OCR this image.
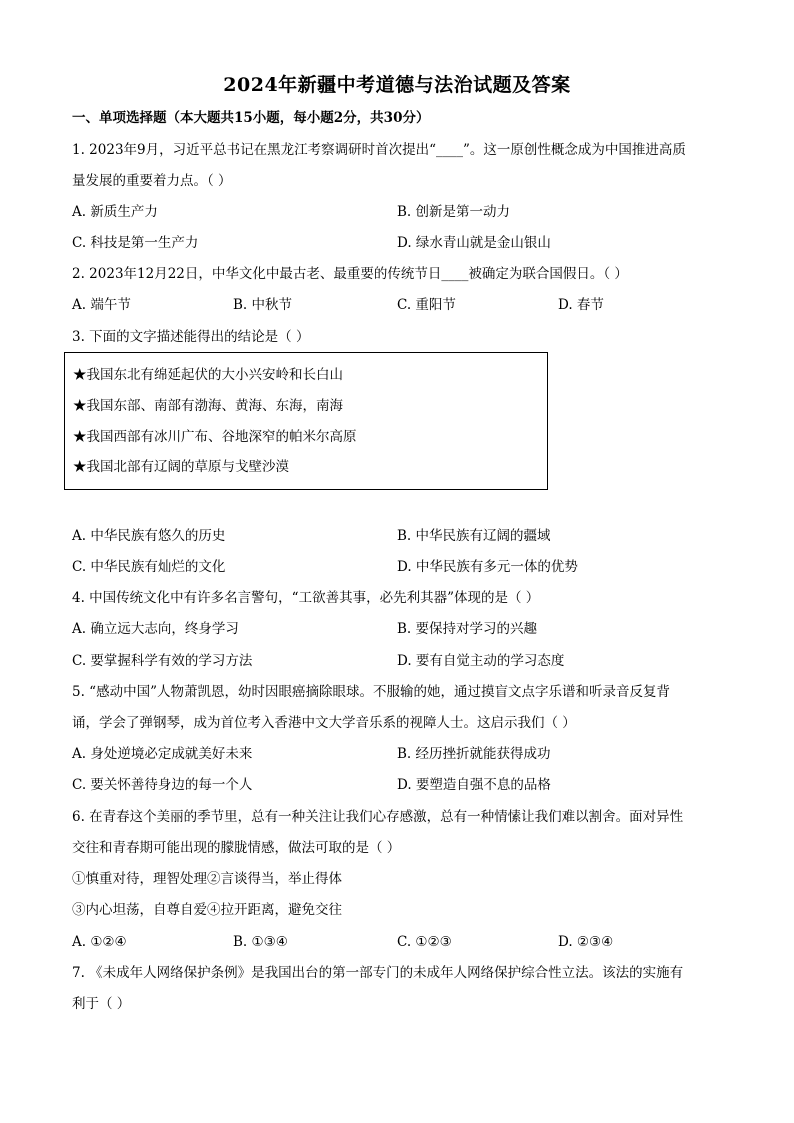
2024年新疆中考道德与法治试题及答案
一、单项选择题（本大题共15小题，每小题2分，共30分）
1. 2023年9月，习近平总书记在黑龙江考察调研时首次提出“____”。这一原创性概念成为中国推进高质
量发展的重要着力点。（ ）
A. 新质生产力	B. 创新是第一动力
C. 科技是第一生产力	D. 绿水青山就是金山银山
2. 2023年12月22日，中华文化中最古老、最重要的传统节日____被确定为联合国假日。（ ）
A. 端午节	B. 中秋节	C. 重阳节	D. 春节
3. 下面的文字描述能得出的结论是（ ）
★我国东北有绵延起伏的大小兴安岭和长白山
★我国东部、南部有渤海、黄海、东海，南海
★我国西部有冰川广布、谷地深窄的帕米尔高原
★我国北部有辽阔的草原与戈壁沙漠
A. 中华民族有悠久的历史	B. 中华民族有辽阔的疆域
C. 中华民族有灿烂的文化	D. 中华民族有多元一体的优势
4. 中国传统文化中有许多名言警句，“工欲善其事，必先利其器”体现的是（ ）
A. 确立远大志向，终身学习	B. 要保持对学习的兴趣
C. 要掌握科学有效的学习方法	D. 要有自觉主动的学习态度
5. “感动中国”人物萧凯恩，幼时因眼癌摘除眼球。不服输的她，通过摸盲文点字乐谱和听录音反复背
诵，学会了弹钢琴，成为首位考入香港中文大学音乐系的视障人士。这启示我们（ ）
A. 身处逆境必定成就美好未来	B. 经历挫折就能获得成功
C. 要关怀善待身边的每一个人	D. 要塑造自强不息的品格
6. 在青春这个美丽的季节里，总有一种关注让我们心存感激，总有一种情愫让我们难以割舍。面对异性
交往和青春期可能出现的朦胧情感，做法可取的是（ ）
①慎重对待，理智处理②言谈得当，举止得体
③内心坦荡，自尊自爱④拉开距离，避免交往
A. ①②④	B. ①③④	C. ①②③	D. ②③④
7. 《未成年人网络保护条例》是我国出台的第一部专门的未成年人网络保护综合性立法。该法的实施有
利于（ ）
